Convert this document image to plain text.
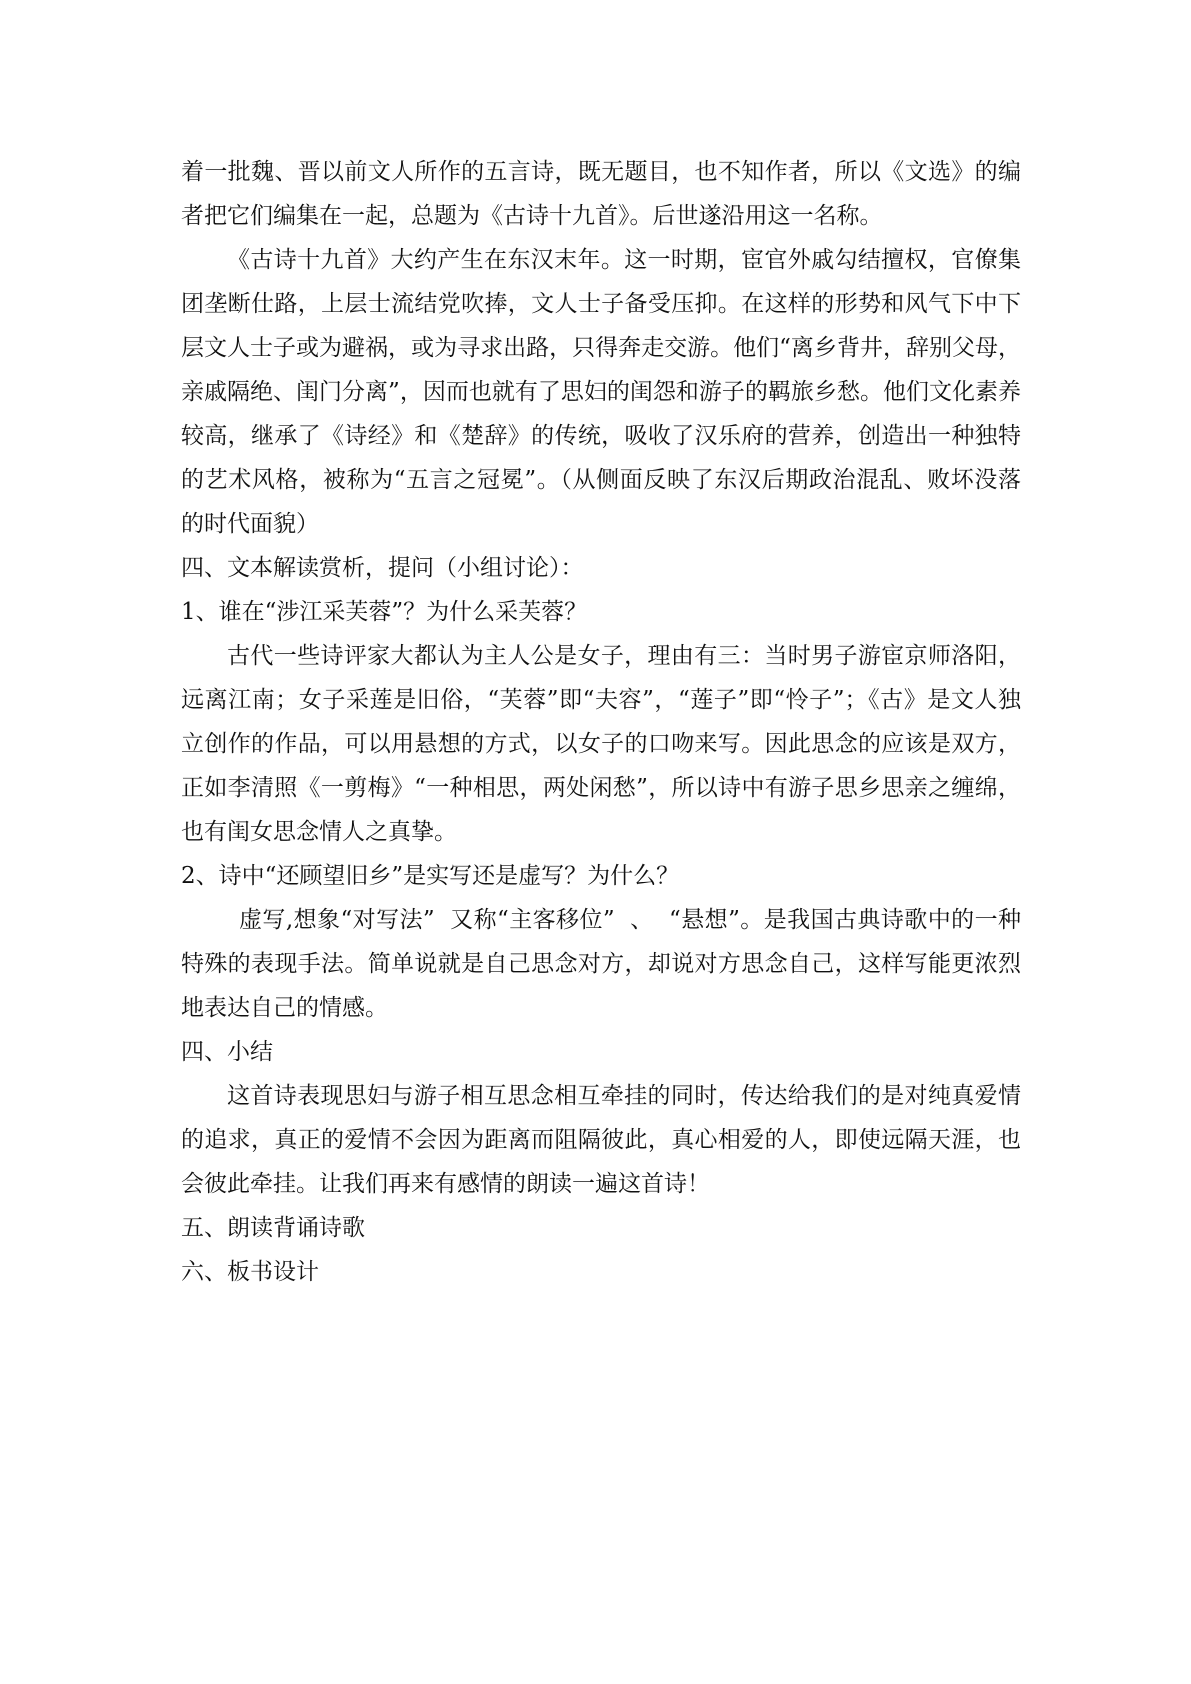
着一批魏、晋以前文人所作的五言诗，既无题目，也不知作者，所以《文选》的编者把它们编集在一起，总题为《古诗十九首》。后世遂沿用这一名称。

《古诗十九首》大约产生在东汉末年。这一时期，宦官外戚勾结擅权，官僚集团垄断仕路，上层士流结党吹捧，文人士子备受压抑。在这样的形势和风气下中下层文人士子或为避祸，或为寻求出路，只得奔走交游。他们“离乡背井，辞别父母，亲戚隔绝、闺门分离”，因而也就有了思妇的闺怨和游子的羁旅乡愁。他们文化素养较高，继承了《诗经》和《楚辞》的传统，吸收了汉乐府的营养，创造出一种独特的艺术风格，被称为“五言之冠冕”。（从侧面反映了东汉后期政治混乱、败坏没落的时代面貌）

四、文本解读赏析，提问（小组讨论）：

1、谁在“涉江采芙蓉”？为什么采芙蓉？

古代一些诗评家大都认为主人公是女子，理由有三：当时男子游宦京师洛阳，远离江南；女子采莲是旧俗，“芙蓉”即“夫容”，“莲子”即“怜子”；《古》是文人独立创作的作品，可以用悬想的方式，以女子的口吻来写。因此思念的应该是双方，正如李清照《一剪梅》“一种相思，两处闲愁”，所以诗中有游子思乡思亲之缠绵，也有闺女思念情人之真挚。

2、诗中“还顾望旧乡”是实写还是虚写？为什么？

虚写,想象“对写法”  又称“主客移位”  、  “悬想”。是我国古典诗歌中的一种特殊的表现手法。简单说就是自己思念对方，却说对方思念自己，这样写能更浓烈地表达自己的情感。

四、小结

这首诗表现思妇与游子相互思念相互牵挂的同时，传达给我们的是对纯真爱情的追求，真正的爱情不会因为距离而阻隔彼此，真心相爱的人，即使远隔天涯，也会彼此牵挂。让我们再来有感情的朗读一遍这首诗！

五、朗读背诵诗歌

六、板书设计
